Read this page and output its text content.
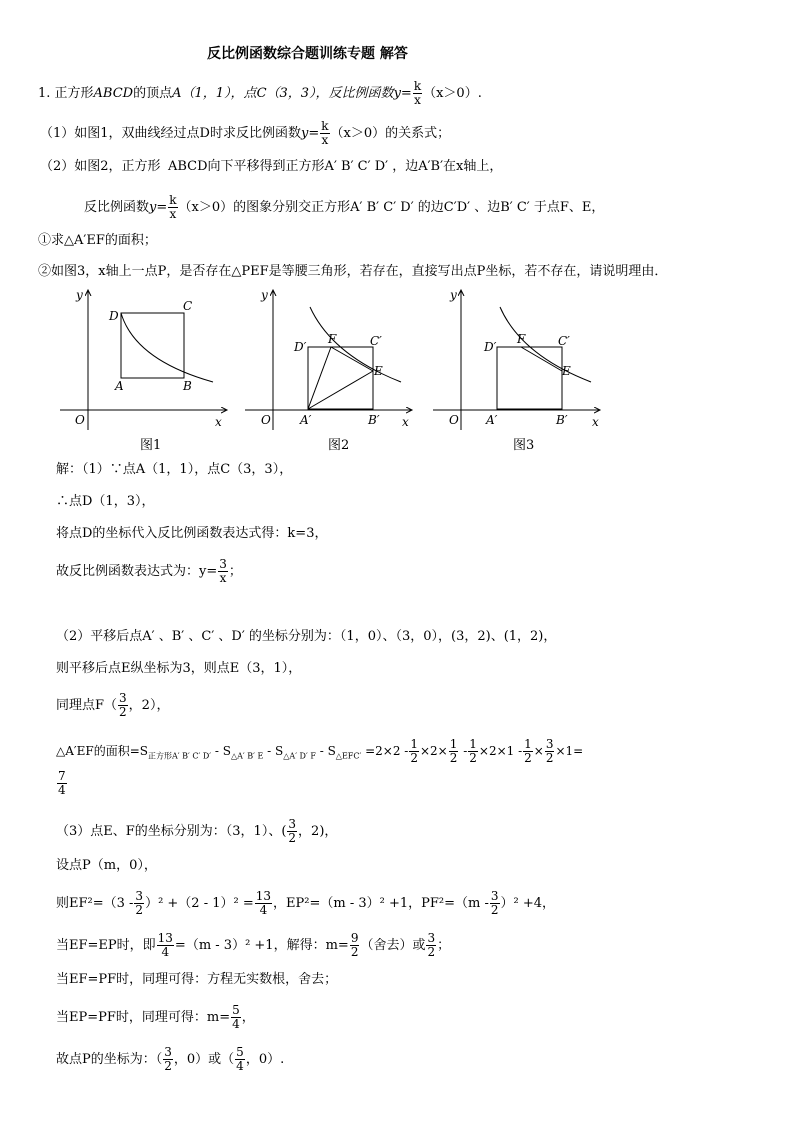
反比例函数综合题训练专题 解答
1. 正方形ABCD的顶点A（1，1），点C（3，3），反比例函数$y= \frac{k}{x} (x>0)$.
（1）如图1，双曲线经过点D时求反比例函数$y= \frac{k}{x} (x>0)$的关系式；
（2）如图2，正方形 ABCD向下平移得到正方形A′ B′ C′ D′ ，边A′B′在x轴上，
反比例函数$y= \frac{k}{x} (x>0)$的图象分别交正方形A′ B′ C′ D′ 的边C′D′ 、边B′ C′ 于点F、E，
①求△A′EF的面积；
②如图3，x轴上一点P，是否存在△PEF是等腰三角形，若存在，直接写出点P坐标，若不存在，请说明理由．
y
x
O
D
C
A	B
图1
y
x
O
D′
F	C′
E
A′	B′
图2
y
x
O
D′
F	C′
E
A′	B′
图3
解：（1）∵点A（1，1），点C（3，3），
∴点D（1，3），
将点D的坐标代入反比例函数表达式得：k=3，
故反比例函数表达式为：$y= \frac{3}{x}$ ；
（2）平移后点A′ 、B′ 、C′ 、D′ 的坐标分别为：（1，0）、（3，0），(3，2)、(1，2)，
则平移后点E纵坐标为3，则点E（3，1），
同理点$F( \frac{3}{2}$ ，2），
△A′EF的面积$=S_{正方形A' B' C' D'} - S_{\triangle A' B' E} - S_{\triangle A' D' F} - S_{\triangle EFC'} =2\times 2 - \frac{1}{2} \times 2\times \frac{1}{2} - \frac{1}{2} \times 2\times 1 - \frac{1}{2} \times \frac{3}{2} \times 1=$
$\frac{7}{4}$
（3）点E、F的坐标分别为：（3，1）、( $\frac{3}{2}$ ，2)，
设点P（m，0），
则$EF^2=(3 - \frac{3}{2} )^2 +(2 - 1)^2 = \frac{13}{4}$ ，EP²=（m - 3）² +1，$PF^2=(m - \frac{3}{2} )^2 +4$，
当EF=EP时，即 $\frac{13}{4} =(m - 3)^2 +1$，解得：$m= \frac{9}{2}$ （舍去）或 $\frac{3}{2}$ ；
当EF=PF时，同理可得：方程无实数根，舍去；
当EP=PF时，同理可得：$m= \frac{5}{4}$ ，
故点P的坐标为：（ $\frac{3}{2}$ ，0）或（ $\frac{5}{4}$ ，0）.
